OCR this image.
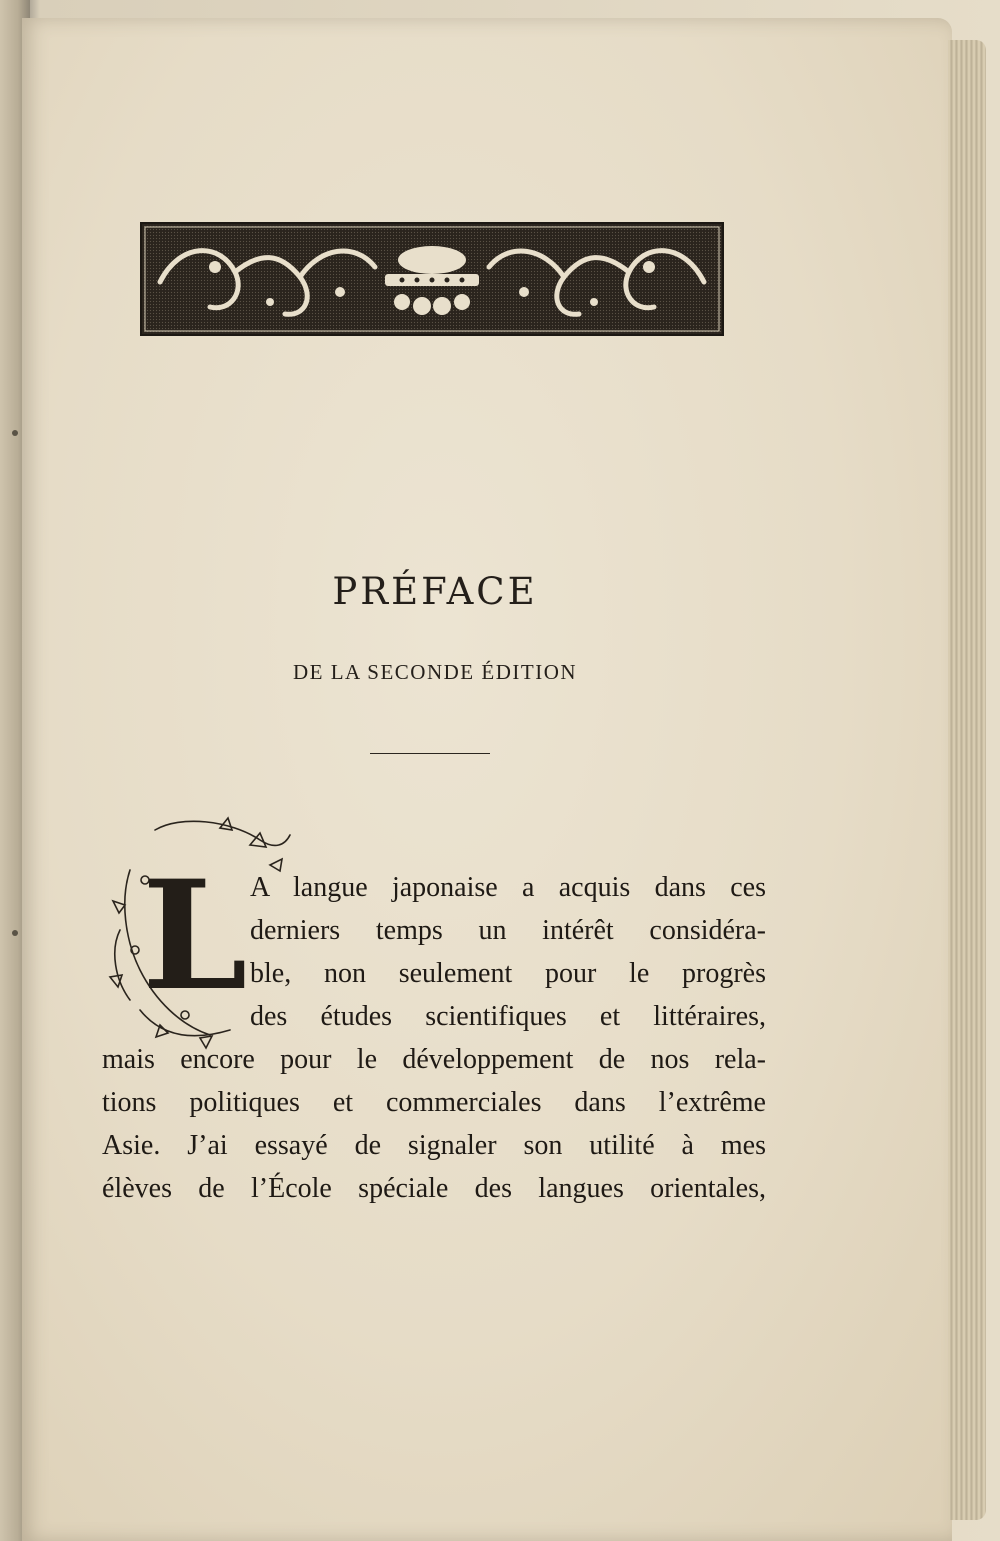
PRÉFACE
DE LA SECONDE ÉDITION
L A langue japonaise a acquis dans ces
derniers temps un intérêt considéra-
ble, non seulement pour le progrès
des études scientifiques et littéraires,
mais encore pour le développement de nos rela-
tions politiques et commerciales dans l’extrême
Asie. J’ai essayé de signaler son utilité à mes
élèves de l’École spéciale des langues orientales,
